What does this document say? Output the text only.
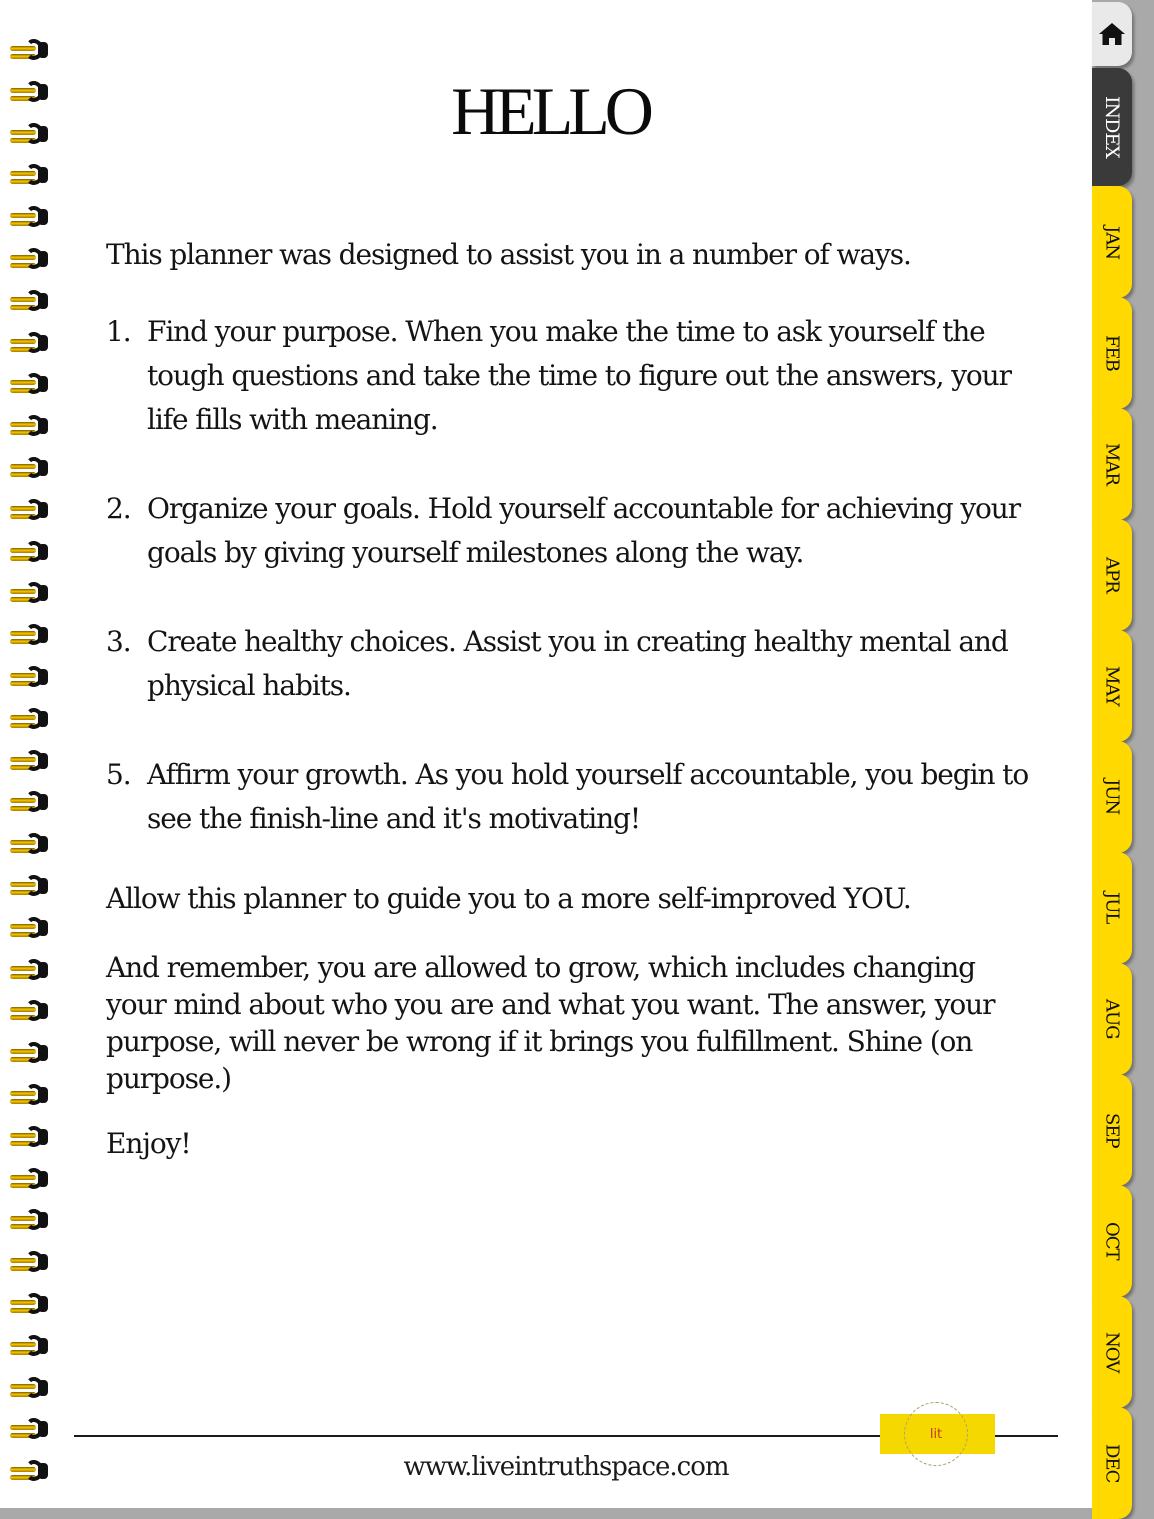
HELLO

This planner was designed to assist you in a number of ways.

1. Find your purpose. When you make the time to ask yourself the tough questions and take the time to figure out the answers, your life fills with meaning.
2. Organize your goals. Hold yourself accountable for achieving your goals by giving yourself milestones along the way.
3. Create healthy choices. Assist you in creating healthy mental and physical habits.
5. Affirm your growth. As you hold yourself accountable, you begin to see the finish-line and it's motivating!

Allow this planner to guide you to a more self-improved YOU.

And remember, you are allowed to grow, which includes changing your mind about who you are and what you want. The answer, your purpose, will never be wrong if it brings you fulfillment. Shine (on purpose.)

Enjoy!

lit
www.liveintruthspace.com
INDEX
JAN
FEB
MAR
APR
MAY
JUN
JUL
AUG
SEP
OCT
NOV
DEC
